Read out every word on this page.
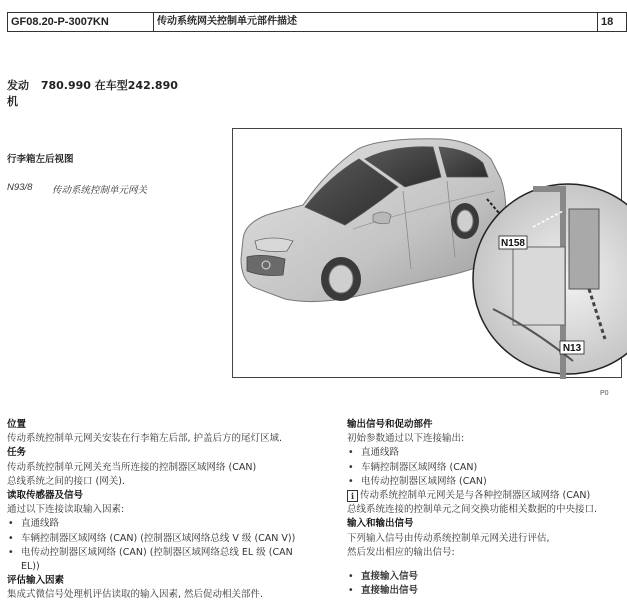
GF08.20-P-3007KN	传动系统网关控制单元部件描述	18
发动机 780.990 在车型242.890
行李箱左后视图
N93/8	传动系统控制单元网关
N158
N13
P0
位置
传动系统控制单元网关安装在行李箱左后部, 护盖后方的尾灯区域.
任务
传动系统控制单元网关充当所连接的控制器区域网络 (CAN)
总线系统之间的接口 (网关).
读取传感器及信号
通过以下连接读取输入因素:
• 直通线路
• 车辆控制器区域网络 (CAN) (控制器区域网络总线 V 级 (CAN V))
• 电传动控制器区域网络 (CAN) (控制器区域网络总线 EL 级 (CAN
EL))
评估输入因素
集成式微信号处理机评估读取的输入因素, 然后促动相关部件.
输出信号和促动部件
初始参数通过以下连接输出:
• 直通线路
• 车辆控制器区域网络 (CAN)
• 电传动控制器区域网络 (CAN)
i 传动系统控制单元网关是与各种控制器区域网络 (CAN)
总线系统连接的控制单元之间交换功能相关数据的中央接口.
输入和输出信号
下列输入信号由传动系统控制单元网关进行评估,
然后发出相应的输出信号:
• 直接输入信号
• 直接输出信号
